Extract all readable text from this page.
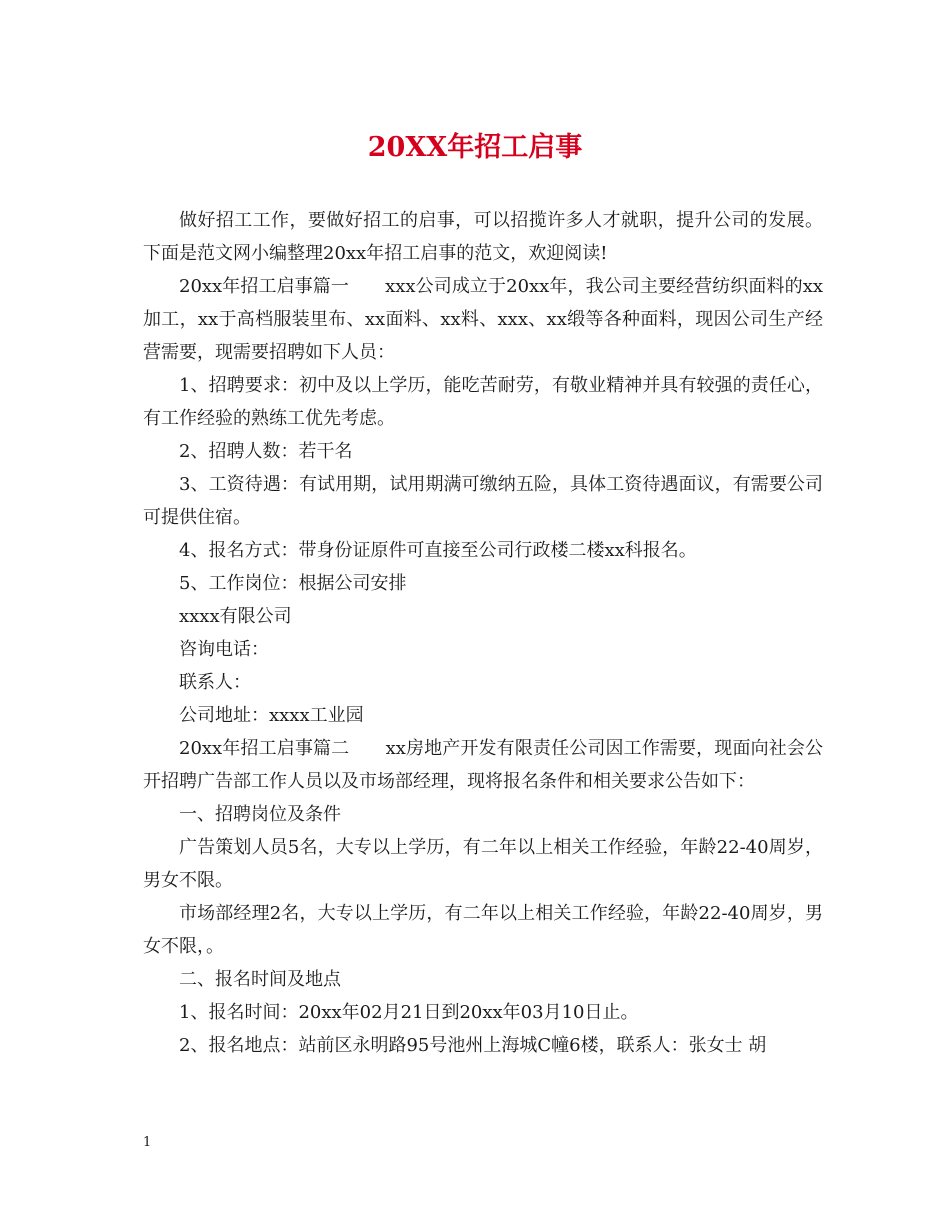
20XX年招工启事

做好招工工作，要做好招工的启事，可以招揽许多人才就职，提升公司的发展。下面是范文网小编整理20xx年招工启事的范文，欢迎阅读!

20xx年招工启事篇一　　xxx公司成立于20xx年，我公司主要经营纺织面料的xx加工，xx于高档服装里布、xx面料、xx料、xxx、xx缎等各种面料，现因公司生产经营需要，现需要招聘如下人员：

1、招聘要求：初中及以上学历，能吃苦耐劳，有敬业精神并具有较强的责任心，有工作经验的熟练工优先考虑。

2、招聘人数：若干名

3、工资待遇：有试用期，试用期满可缴纳五险，具体工资待遇面议，有需要公司可提供住宿。

4、报名方式：带身份证原件可直接至公司行政楼二楼xx科报名。

5、工作岗位：根据公司安排

xxxx有限公司

咨询电话：

联系人：

公司地址：xxxx工业园

20xx年招工启事篇二　　xx房地产开发有限责任公司因工作需要，现面向社会公开招聘广告部工作人员以及市场部经理，现将报名条件和相关要求公告如下：

一、招聘岗位及条件

广告策划人员5名，大专以上学历，有二年以上相关工作经验，年龄22-40周岁，男女不限。

市场部经理2名，大专以上学历，有二年以上相关工作经验，年龄22-40周岁，男女不限，。

二、报名时间及地点

1、报名时间：20xx年02月21日到20xx年03月10日止。

2、报名地点：站前区永明路95号池州上海城C幢6楼，联系人：张女士 胡

1
